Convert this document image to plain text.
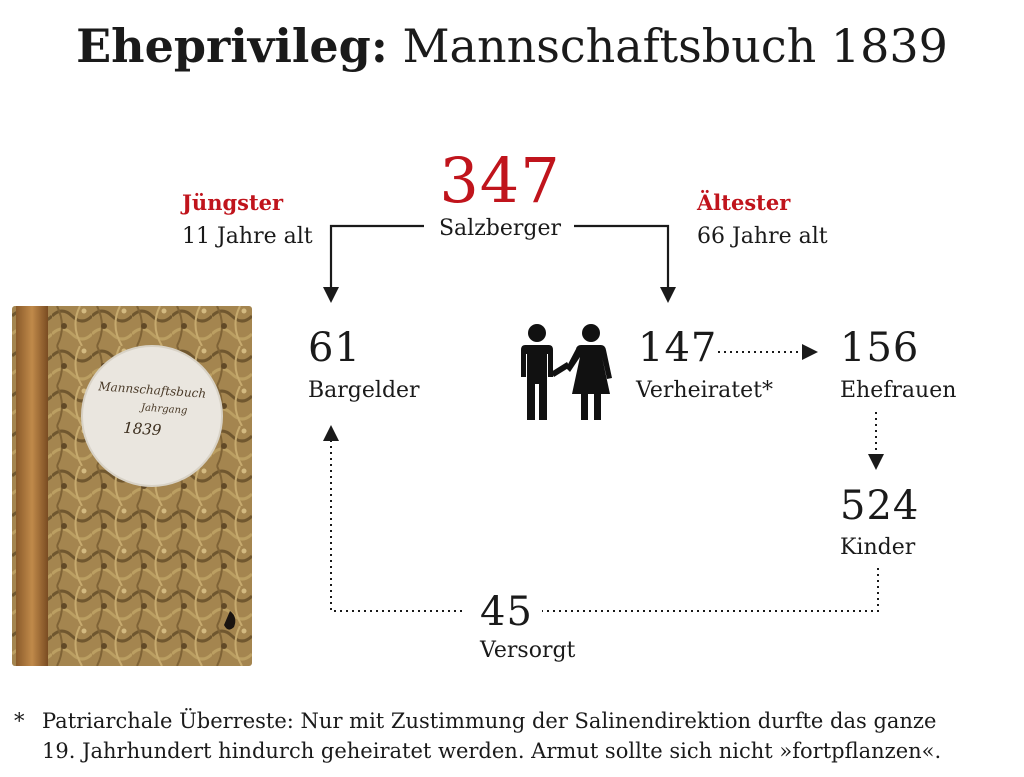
Eheprivileg: Mannschaftsbuch 1839
347
Salzberger
Jüngster
11 Jahre alt
Ältester
66 Jahre alt
61
Bargelder
147
Verheiratet*
156
Ehefrauen
524
Kinder
45
Versorgt
Mannschaftsbuch
Jahrgang
1839
* Patriarchale Überreste: Nur mit Zustimmung der Salinendirektion durfte das ganze
19. Jahrhundert hindurch geheiratet werden. Armut sollte sich nicht »fortpflanzen«.
